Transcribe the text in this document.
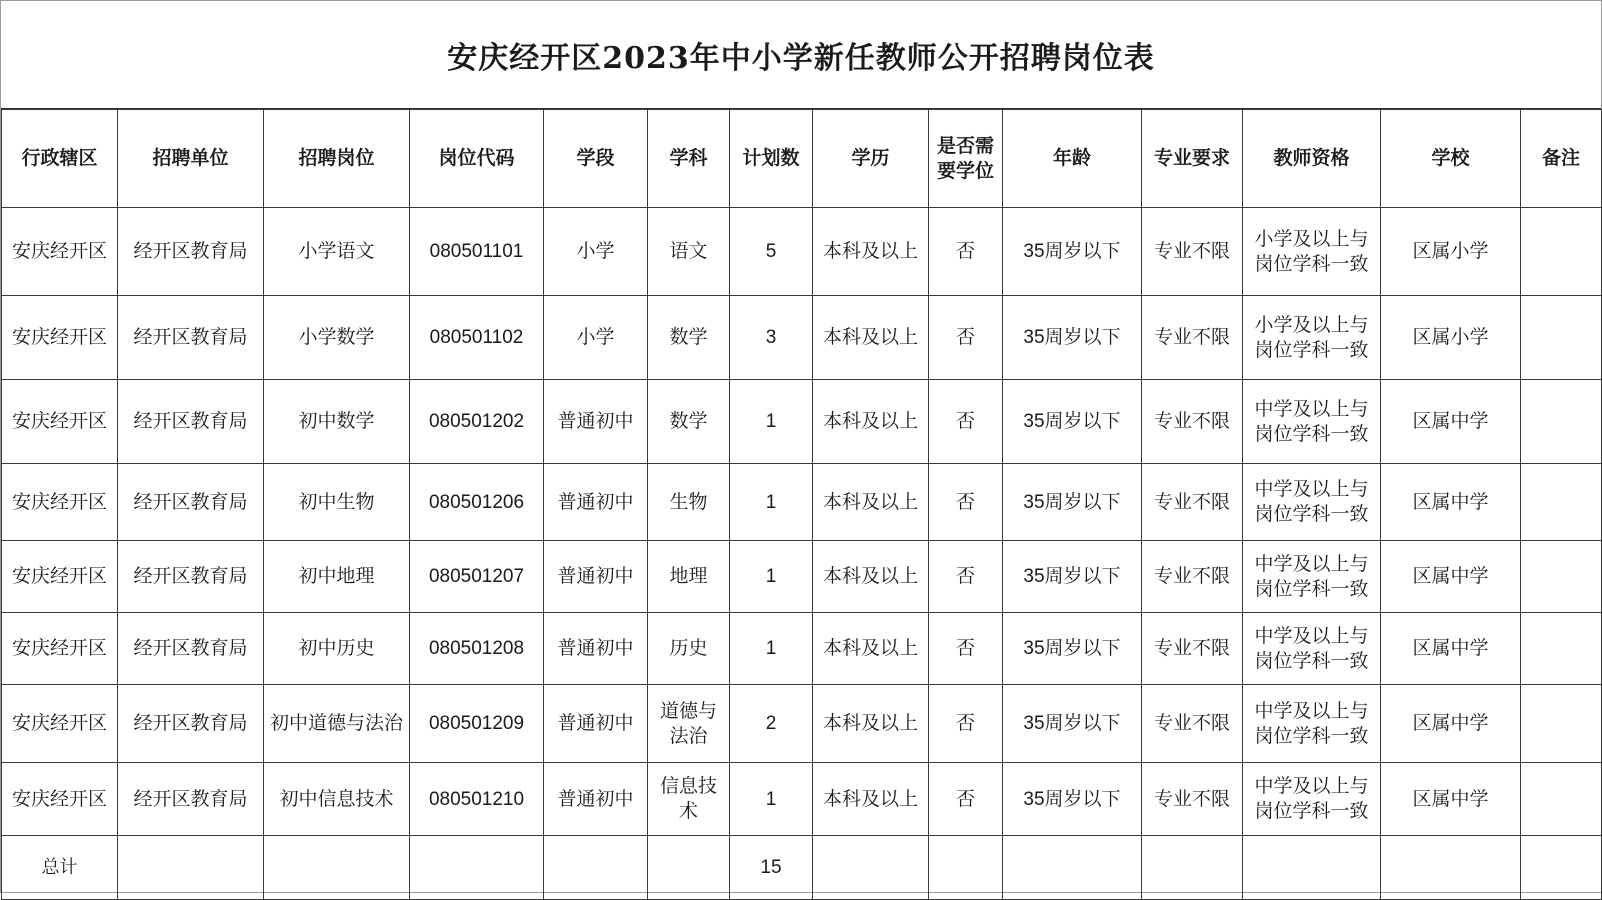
安庆经开区2023年中小学新任教师公开招聘岗位表
行政辖区	招聘单位	招聘岗位	岗位代码	学段	学科	计划数	学历	是否需要学位	年龄	专业要求	教师资格	学校	备注
安庆经开区	经开区教育局	小学语文	080501101	小学	语文	5	本科及以上	否	35周岁以下	专业不限	小学及以上与岗位学科一致	区属小学	
安庆经开区	经开区教育局	小学数学	080501102	小学	数学	3	本科及以上	否	35周岁以下	专业不限	小学及以上与岗位学科一致	区属小学	
安庆经开区	经开区教育局	初中数学	080501202	普通初中	数学	1	本科及以上	否	35周岁以下	专业不限	中学及以上与岗位学科一致	区属中学	
安庆经开区	经开区教育局	初中生物	080501206	普通初中	生物	1	本科及以上	否	35周岁以下	专业不限	中学及以上与岗位学科一致	区属中学	
安庆经开区	经开区教育局	初中地理	080501207	普通初中	地理	1	本科及以上	否	35周岁以下	专业不限	中学及以上与岗位学科一致	区属中学	
安庆经开区	经开区教育局	初中历史	080501208	普通初中	历史	1	本科及以上	否	35周岁以下	专业不限	中学及以上与岗位学科一致	区属中学	
安庆经开区	经开区教育局	初中道德与法治	080501209	普通初中	道德与法治	2	本科及以上	否	35周岁以下	专业不限	中学及以上与岗位学科一致	区属中学	
安庆经开区	经开区教育局	初中信息技术	080501210	普通初中	信息技术	1	本科及以上	否	35周岁以下	专业不限	中学及以上与岗位学科一致	区属中学	
总计						15							
